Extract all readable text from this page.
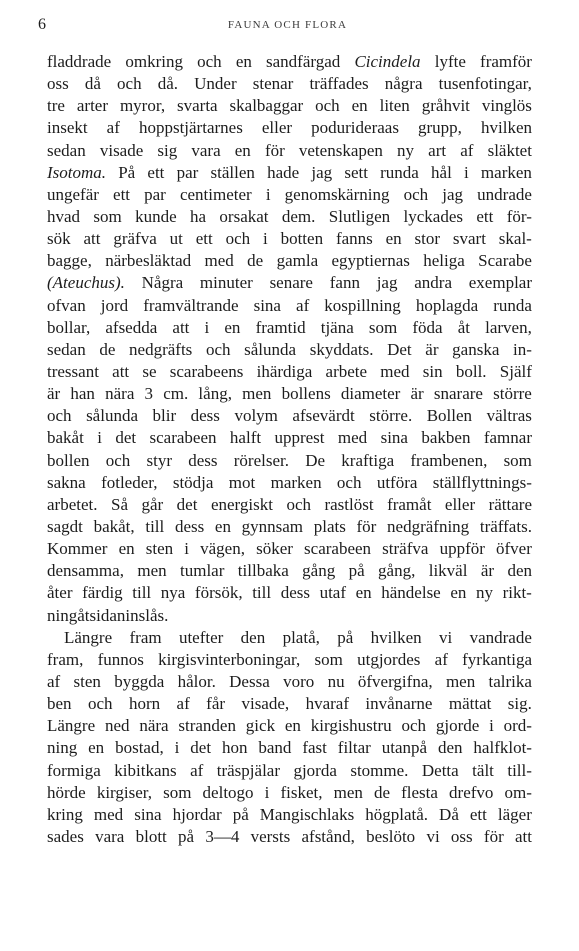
6	FAUNA OCH FLORA
fladdrade omkring och en sandfärgad Cicindela lyfte framför
oss då och då. Under stenar träffades några tusenfotingar,
tre arter myror, svarta skalbaggar och en liten gråhvit vinglös
insekt af hoppstjärtarnes eller podurideraas grupp, hvilken
sedan visade sig vara en för vetenskapen ny art af släktet
Isotoma. På ett par ställen hade jag sett runda hål i marken
ungefär ett par centimeter i genomskärning och jag undrade
hvad som kunde ha orsakat dem. Slutligen lyckades ett för-
sök att gräfva ut ett och i botten fanns en stor svart skal-
bagge, närbesläktad med de gamla egyptiernas heliga Scarabe
(Ateuchus). Några minuter senare fann jag andra exemplar
ofvan jord framvältrande sina af kospillning hoplagda runda
bollar, afsedda att i en framtid tjäna som föda åt larven,
sedan de nedgräfts och sålunda skyddats. Det är ganska in-
tressant att se scarabeens ihärdiga arbete med sin boll. Själf
är han nära 3 cm. lång, men bollens diameter är snarare större
och sålunda blir dess volym afsevärdt större. Bollen vältras
bakåt i det scarabeen halft upprest med sina bakben famnar
bollen och styr dess rörelser. De kraftiga frambenen, som
sakna fotleder, stödja mot marken och utföra ställflyttnings-
arbetet. Så går det energiskt och rastlöst framåt eller rättare
sagdt bakåt, till dess en gynnsam plats för nedgräfning träffats.
Kommer en sten i vägen, söker scarabeen sträfva uppför öfver
densamma, men tumlar tillbaka gång på gång, likväl är den
åter färdig till nya försök, till dess utaf en händelse en ny rikt-
ningåtsidaninslås.
Längre fram utefter den platå, på hvilken vi vandrade
fram, funnos kirgisvinterboningar, som utgjordes af fyrkantiga
af sten byggda hålor. Dessa voro nu öfvergifna, men talrika
ben och horn af får visade, hvaraf invånarne mättat sig.
Längre ned nära stranden gick en kirgishustru och gjorde i ord-
ning en bostad, i det hon band fast filtar utanpå den halfklot-
formiga kibitkans af träspjälar gjorda stomme. Detta tält till-
hörde kirgiser, som deltogo i fisket, men de flesta drefvo om-
kring med sina hjordar på Mangischlaks högplatå. Då ett läger
sades vara blott på 3—4 versts afstånd, beslöto vi oss för att
